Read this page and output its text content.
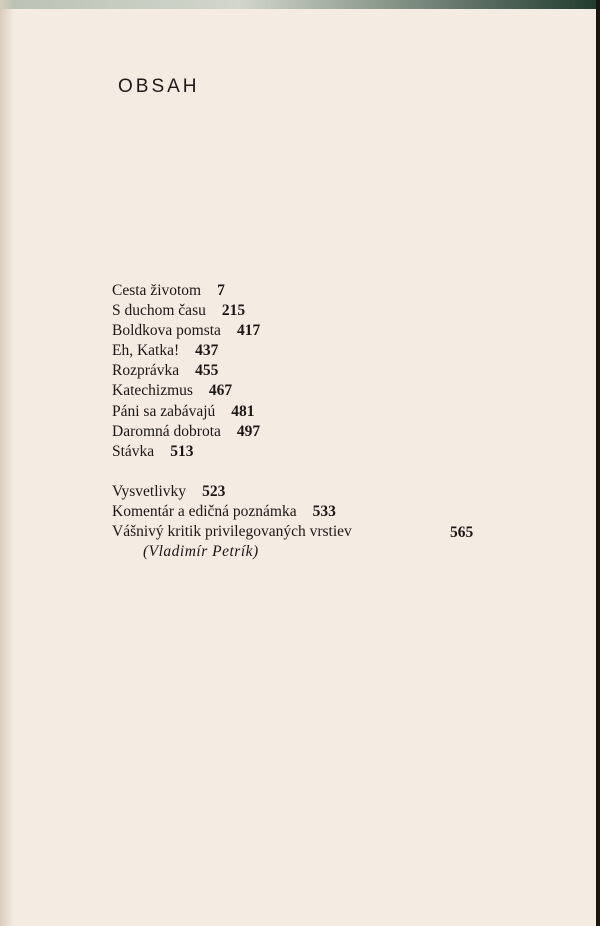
OBSAH
Cesta životom 7
S duchom času 215
Boldkova pomsta 417
Eh, Katka! 437
Rozprávka 455
Katechizmus 467
Páni sa zabávajú 481
Daromná dobrota 497
Stávka 513
Vysvetlivky 523
Komentár a edičná poznámka 533
Vášnivý kritik privilegovaných vrstiev	565
(Vladimír Petrík)
